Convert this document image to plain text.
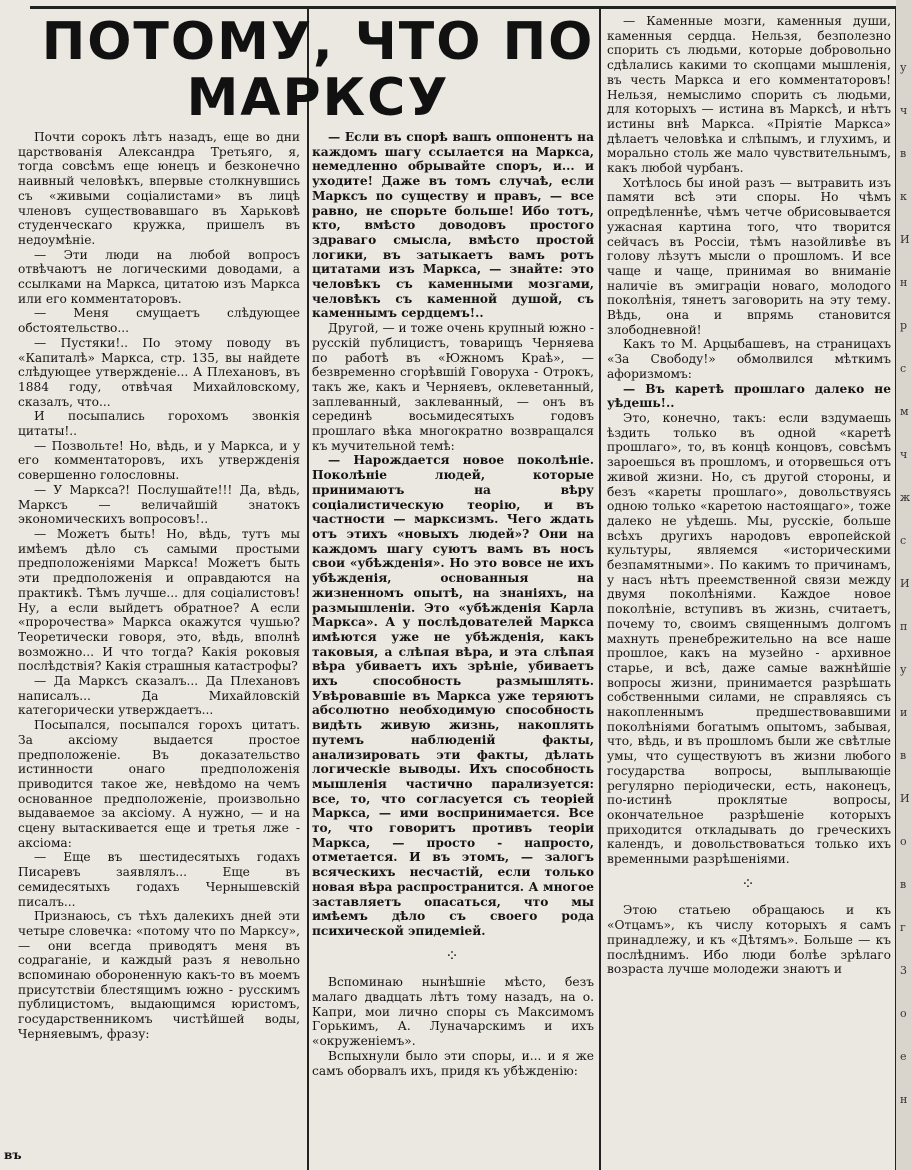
ПОТОМУ, ЧТО ПО МАРКСУ

Почти сорокъ лѣтъ назадъ, еще во дни царствованія Александра Третьяго, я, тогда совсѣмъ еще юнецъ и безконечно наивный человѣкъ, впервые столкнувшись съ «живыми соціалистами» въ лицѣ членовъ существовавшаго въ Харьковѣ студенческаго кружка, пришелъ въ недоумѣніе.

— Эти люди на любой вопросъ отвѣчаютъ не логическими доводами, а ссылками на Маркса, цитатою изъ Маркса или его комментаторовъ.

— Меня смущаетъ слѣдующее обстоятельство...

— Пустяки!.. По этому поводу въ «Капиталѣ» Маркса, стр. 135, вы найдете слѣдующее утвержденіе... А Плехановъ, въ 1884 году, отвѣчая Михайловскому, сказалъ, что...

И посыпались горохомъ звонкія цитаты!..

— Позвольте! Но, вѣдь, и у Маркса, и у его комментаторовъ, ихъ утвержденія совершенно голословны.

— У Маркса?! Послушайте!!! Да, вѣдь, Марксъ — величайшій знатокъ экономическихъ вопросовъ!..

— Можетъ быть! Но, вѣдь, тутъ мы имѣемъ дѣло съ самыми простыми предположеніями Маркса! Можетъ быть эти предположенія и оправдаются на практикѣ. Тѣмъ лучше... для соціалистовъ! Ну, а если выйдетъ обратное? А если «пророчества» Маркса окажутся чушью? Теоретически говоря, это, вѣдь, вполнѣ возможно... И что тогда? Какія роковыя послѣдствія? Какія страшныя катастрофы?

— Да Марксъ сказалъ... Да Плехановъ написалъ... Да Михайловскій категорически утверждаетъ...

Посыпался, посыпался горохъ цитатъ. За аксіому выдается простое предположеніе. Въ доказательство истинности онаго предположенія приводится такое же, невѣдомо на чемъ основанное предположеніе, произвольно выдаваемое за аксіому. А нужно, — и на сцену вытаскивается еще и третья лже - аксіома:

— Еще въ шестидесятыхъ годахъ Писаревъ заявлялъ... Еще въ семидесятыхъ годахъ Чернышевскій писалъ...

Признаюсь, съ тѣхъ далекихъ дней эти четыре словечка: «потому что по Марксу», — они всегда приводятъ меня въ содраганіе, и каждый разъ я невольно вспоминаю обороненную какъ-то въ моемъ присутствіи блестящимъ южно - русскимъ публицистомъ, выдающимся юристомъ, государственникомъ чистѣйшей воды, Черняевымъ, фразу:

— Если въ спорѣ вашъ оппонентъ на каждомъ шагу ссылается на Маркса, немедленно обрывайте споръ, и... и уходите! Даже въ томъ случаѣ, если Марксъ по существу и правъ, — все равно, не спорьте больше! Ибо тотъ, кто, вмѣсто доводовъ простого здраваго смысла, вмѣсто простой логики, въ затыкаетъ вамъ ротъ цитатами изъ Маркса, — знайте: это человѣкъ съ каменными мозгами, человѣкъ съ каменной душой, съ каменнымъ сердцемъ!..

Другой, — и тоже очень крупный южно - русскій публицистъ, товарищъ Черняева по работѣ въ «Южномъ Краѣ», — безвременно сгорѣвшій Говоруха - Отрокъ, такъ же, какъ и Черняевъ, оклеветанный, заплеванный, заклеванный, — онъ въ серединѣ восьмидесятыхъ годовъ прошлаго вѣка многократно возвращался къ мучительной темѣ:

— Нарождается новое поколѣніе. Поколѣніе людей, которые принимаютъ на вѣру соціалистическую теорію, и въ частности — марксизмъ. Чего ждать отъ этихъ «новыхъ людей»? Они на каждомъ шагу суютъ вамъ въ носъ свои «убѣжденія». Но это вовсе не ихъ убѣжденія, основанныя на жизненномъ опытѣ, на знаніяхъ, на размышленіи. Это «убѣжденія Карла Маркса». А у послѣдователей Маркса имѣются уже не убѣжденія, какъ таковыя, а слѣпая вѣра, и эта слѣпая вѣра убиваетъ ихъ зрѣніе, убиваетъ ихъ способность размышлять. Увѣровавшіе въ Маркса уже теряютъ абсолютно необходимую способность видѣть живую жизнь, накоплять путемъ наблюденій факты, анализировать эти факты, дѣлать логическіе выводы. Ихъ способность мышленія частично парализуется: все, то, что согласуется съ теоріей Маркса, — ими воспринимается. Все то, что говоритъ противъ теоріи Маркса, — просто - напросто, отметается. И въ этомъ, — залогъ всяческихъ несчастій, если только новая вѣра распространится. А многое заставляетъ опасаться, что мы имѣемъ дѣло съ своего рода психической эпидеміей.

⁘

Вспоминаю нынѣшніе мѣсто, безъ малаго двадцать лѣтъ тому назадъ, на о. Капри, мои лично споры съ Максимомъ Горькимъ, А. Луначарскимъ и ихъ «окруженіемъ».

Вспыхнули было эти споры, и... и я же самъ оборвалъ ихъ, придя къ убѣжденію:

— Каменные мозги, каменныя души, каменныя сердца. Нельзя, безполезно спорить съ людьми, которые добровольно сдѣлались какими то скопцами мышленія, въ честь Маркса и его комментаторовъ! Нельзя, немыслимо спорить съ людьми, для которыхъ — истина въ Марксѣ, и нѣтъ истины внѣ Маркса. «Пріятіе Маркса» дѣлаетъ человѣка и слѣпымъ, и глухимъ, и морально столь же мало чувствительнымъ, какъ любой чурбанъ.

Хотѣлось бы иной разъ — вытравить изъ памяти всѣ эти споры. Но чѣмъ опредѣленнѣе, чѣмъ четче обрисовывается ужасная картина того, что творится сейчасъ въ Россіи, тѣмъ назойливѣе въ голову лѣзутъ мысли о прошломъ. И все чаще и чаще, принимая во вниманіе наличіе въ эмиграціи новаго, молодого поколѣнія, тянетъ заговорить на эту тему. Вѣдь, она и впрямь становится злободневной!

Какъ то М. Арцыбашевъ, на страницахъ «За Свободу!» обмолвился мѣткимъ афоризмомъ:

— Въ каретѣ прошлаго далеко не уѣдешь!..

Это, конечно, такъ: если вздумаешь ѣздить только въ одной «каретѣ прошлаго», то, въ концѣ концовъ, совсѣмъ зароешься въ прошломъ, и оторвешься отъ живой жизни. Но, съ другой стороны, и безъ «кареты прошлаго», довольствуясь одною только «каретою настоящаго», тоже далеко не уѣдешь. Мы, русскіе, больше всѣхъ другихъ народовъ европейской культуры, являемся «историческими безпамятными». По какимъ то причинамъ, у насъ нѣтъ преемственной связи между двумя поколѣніями. Каждое новое поколѣніе, вступивъ въ жизнь, считаетъ, почему то, своимъ священнымъ долгомъ махнуть пренебрежительно на все наше прошлое, какъ на музейно - архивное старье, и всѣ, даже самые важнѣйшіе вопросы жизни, принимается разрѣшать собственными силами, не справляясь съ накопленнымъ предшествовавшими поколѣніями богатымъ опытомъ, забывая, что, вѣдь, и въ прошломъ были же свѣтлые умы, что существуютъ въ жизни любого государства вопросы, выплывающіе регулярно періодически, есть, наконецъ, по-истинѣ проклятые вопросы, окончательное разрѣшеніе которыхъ приходится откладывать до греческихъ календъ, и довольствоваться только ихъ временными разрѣшеніями.

⁘

Этою статьею обращаюсь и къ «Отцамъ», къ числу которыхъ я самъ принадлежу, и къ «Дѣтямъ». Больше — къ послѣднимъ. Ибо люди болѣе зрѣлаго возраста лучше молодежи знаютъ и

у
ч
в
к
И
н
р
с
м
ч
ж
с
И
п
у
и
в
И
о
в
г
3
о
е
н
въ
